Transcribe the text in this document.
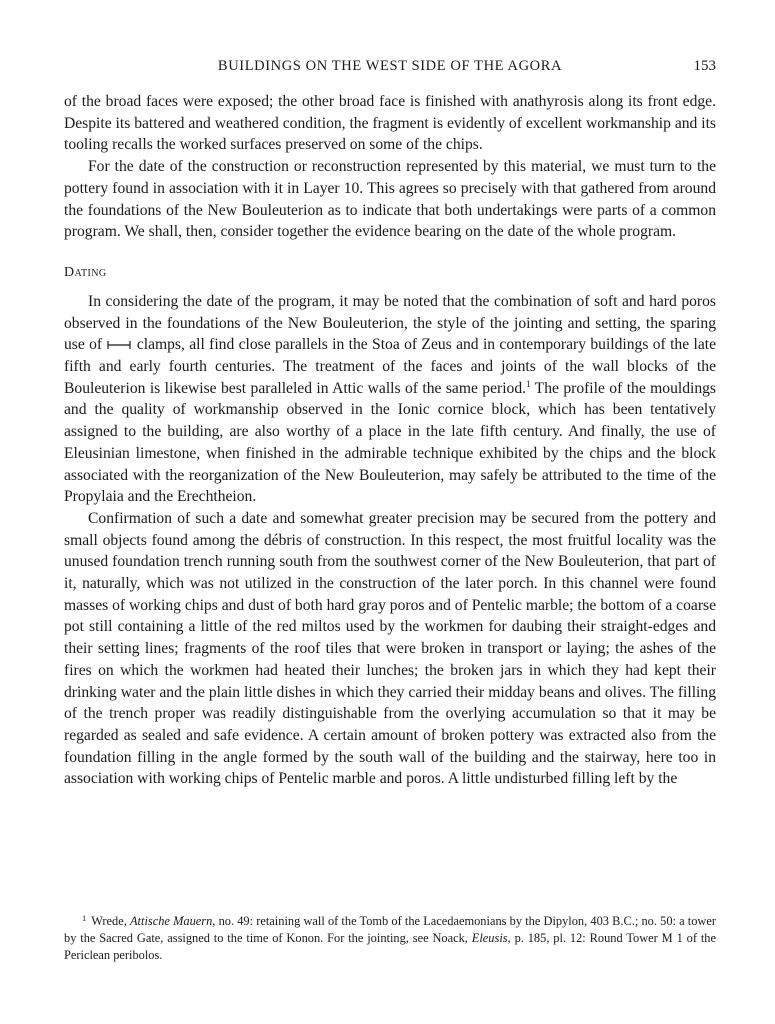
BUILDINGS ON THE WEST SIDE OF THE AGORA	153

of the broad faces were exposed; the other broad face is finished with anathyrosis along its front edge. Despite its battered and weathered condition, the fragment is evidently of excellent workmanship and its tooling recalls the worked surfaces preserved on some of the chips.

For the date of the construction or reconstruction represented by this material, we must turn to the pottery found in association with it in Layer 10. This agrees so precisely with that gathered from around the foundations of the New Bouleuterion as to indicate that both undertakings were parts of a common program. We shall, then, consider together the evidence bearing on the date of the whole program.

Dating

In considering the date of the program, it may be noted that the combination of soft and hard poros observed in the foundations of the New Bouleuterion, the style of the jointing and setting, the sparing use of  clamps, all find close parallels in the Stoa of Zeus and in contemporary buildings of the late fifth and early fourth centuries. The treatment of the faces and joints of the wall blocks of the Bouleuterion is likewise best paralleled in Attic walls of the same period.$^1$ The profile of the mouldings and the quality of workmanship observed in the Ionic cornice block, which has been tentatively assigned to the building, are also worthy of a place in the late fifth century. And finally, the use of Eleusinian limestone, when finished in the admirable technique exhibited by the chips and the block associated with the reorganization of the New Bouleuterion, may safely be attributed to the time of the Propylaia and the Erechtheion.

Confirmation of such a date and somewhat greater precision may be secured from the pottery and small objects found among the débris of construction. In this respect, the most fruitful locality was the unused foundation trench running south from the southwest corner of the New Bouleuterion, that part of it, naturally, which was not utilized in the construction of the later porch. In this channel were found masses of working chips and dust of both hard gray poros and of Pentelic marble; the bottom of a coarse pot still containing a little of the red miltos used by the workmen for daubing their straight-edges and their setting lines; fragments of the roof tiles that were broken in transport or laying; the ashes of the fires on which the workmen had heated their lunches; the broken jars in which they had kept their drinking water and the plain little dishes in which they carried their midday beans and olives. The filling of the trench proper was readily distinguishable from the overlying accumulation so that it may be regarded as sealed and safe evidence. A certain amount of broken pottery was extracted also from the foundation filling in the angle formed by the south wall of the building and the stairway, here too in association with working chips of Pentelic marble and poros. A little undisturbed filling left by the

$^1$ Wrede, Attische Mauern, no. 49: retaining wall of the Tomb of the Lacedaemonians by the Dipylon, 403 B.C.; no. 50: a tower by the Sacred Gate, assigned to the time of Konon. For the jointing, see Noack, Eleusis, p. 185, pl. 12: Round Tower M 1 of the Periclean peribolos.
